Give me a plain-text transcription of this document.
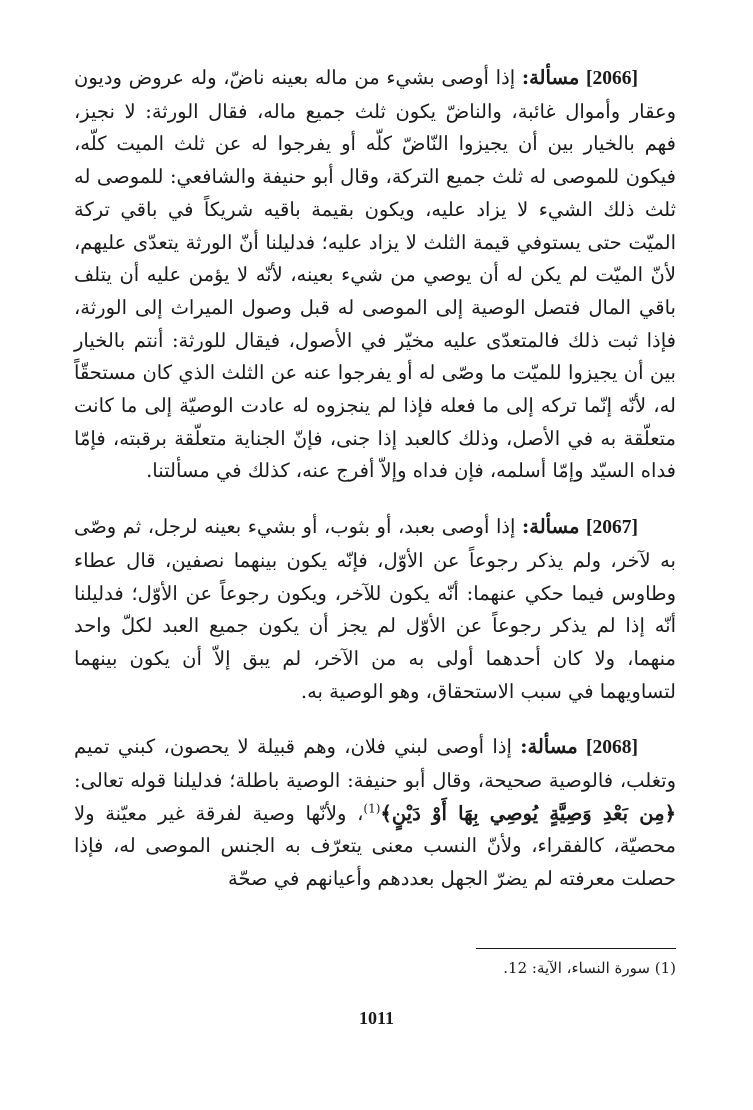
[2066] مسألة: إذا أوصى بشيء من ماله بعينه ناضّ، وله عروض وديون وعقار وأموال غائبة، والناضّ يكون ثلث جميع ماله، فقال الورثة: لا نجيز، فهم بالخيار بين أن يجيزوا النّاضّ كلّه أو يفرجوا له عن ثلث الميت كلّه، فيكون للموصى له ثلث جميع التركة، وقال أبو حنيفة والشافعي: للموصى له ثلث ذلك الشيء لا يزاد عليه، ويكون بقيمة باقيه شريكاً في باقي تركة الميّت حتى يستوفي قيمة الثلث لا يزاد عليه؛ فدليلنا أنّ الورثة يتعدّى عليهم، لأنّ الميّت لم يكن له أن يوصي من شيء بعينه، لأنّه لا يؤمن عليه أن يتلف باقي المال فتصل الوصية إلى الموصى له قبل وصول الميراث إلى الورثة، فإذا ثبت ذلك فالمتعدّى عليه مخيّر في الأصول، فيقال للورثة: أنتم بالخيار بين أن يجيزوا للميّت ما وصّى له أو يفرجوا عنه عن الثلث الذي كان مستحقّاً له، لأنّه إنّما تركه إلى ما فعله فإذا لم ينجزوه له عادت الوصيّة إلى ما كانت متعلّقة به في الأصل، وذلك كالعبد إذا جنى، فإنّ الجناية متعلّقة برقبته، فإمّا فداه السيّد وإمّا أسلمه، فإن فداه وإلاّ أفرج عنه، كذلك في مسألتنا.

[2067] مسألة: إذا أوصى بعبد، أو بثوب، أو بشيء بعينه لرجل، ثم وصّى به لآخر، ولم يذكر رجوعاً عن الأوّل، فإنّه يكون بينهما نصفين، قال عطاء وطاوس فيما حكي عنهما: أنّه يكون للآخر، ويكون رجوعاً عن الأوّل؛ فدليلنا أنّه إذا لم يذكر رجوعاً عن الأوّل لم يجز أن يكون جميع العبد لكلّ واحد منهما، ولا كان أحدهما أولى به من الآخر، لم يبق إلاّ أن يكون بينهما لتساويهما في سبب الاستحقاق، وهو الوصية به.

[2068] مسألة: إذا أوصى لبني فلان، وهم قبيلة لا يحصون، كبني تميم وتغلب، فالوصية صحيحة، وقال أبو حنيفة: الوصية باطلة؛ فدليلنا قوله تعالى: ﴿مِن بَعْدِ وَصِيَّةٍ يُوصِي بِهَا أَوْ دَيْنٍ﴾$^{(1)}$، ولأنّها وصية لفرقة غير معيّنة ولا محصيّة، كالفقراء، ولأنّ النسب معنى يتعرّف به الجنس الموصى له، فإذا حصلت معرفته لم يضرّ الجهل بعددهم وأعيانهم في صحّة

(1) سورة النساء، الآية: 12.

1011
